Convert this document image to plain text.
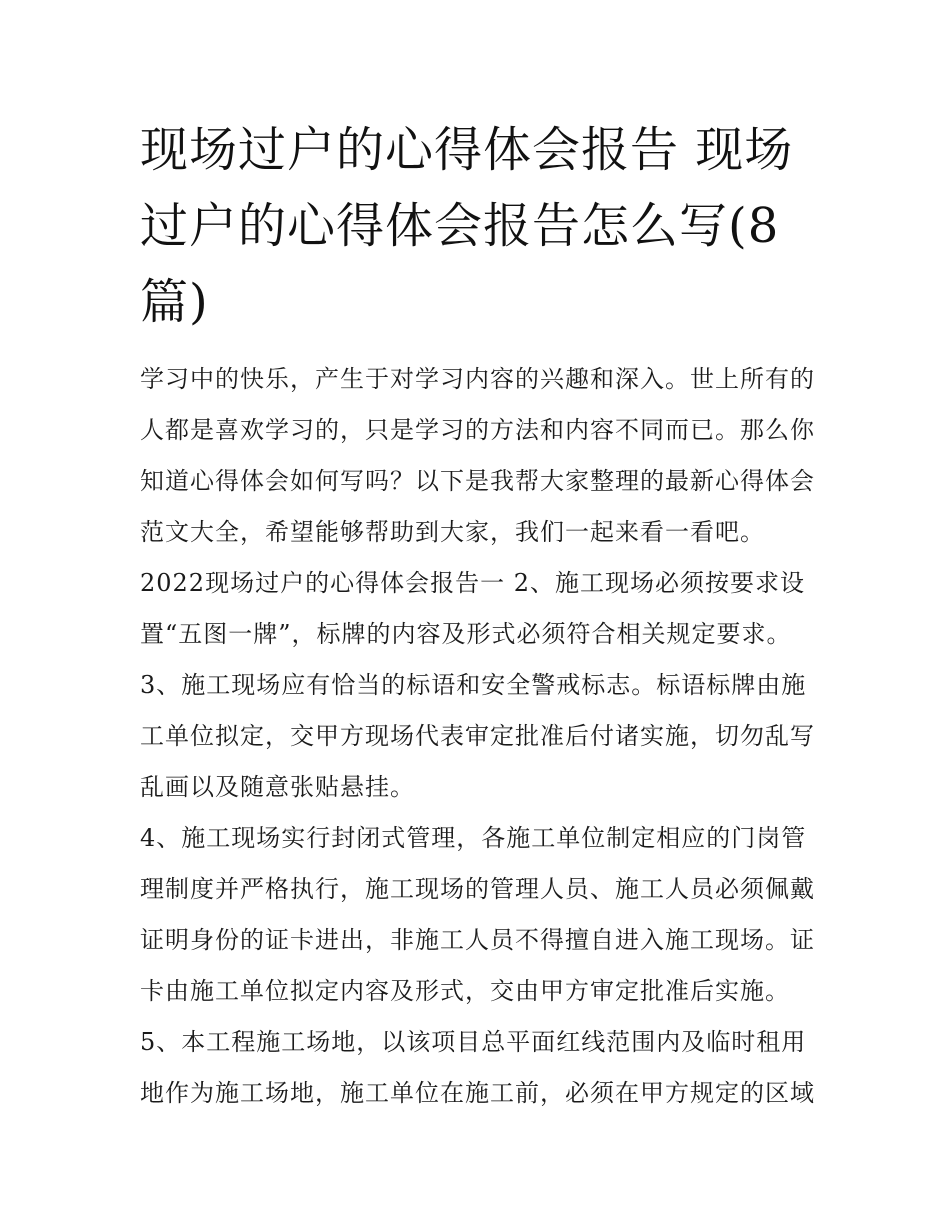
现场过户的心得体会报告 现场过户的心得体会报告怎么写(8篇)

学习中的快乐，产生于对学习内容的兴趣和深入。世上所有的人都是喜欢学习的，只是学习的方法和内容不同而已。那么你知道心得体会如何写吗？以下是我帮大家整理的最新心得体会范文大全，希望能够帮助到大家，我们一起来看一看吧。

2022现场过户的心得体会报告一 2、施工现场必须按要求设置“五图一牌”，标牌的内容及形式必须符合相关规定要求。

3、施工现场应有恰当的标语和安全警戒标志。标语标牌由施工单位拟定，交甲方现场代表审定批准后付诸实施，切勿乱写乱画以及随意张贴悬挂。

4、施工现场实行封闭式管理，各施工单位制定相应的门岗管理制度并严格执行，施工现场的管理人员、施工人员必须佩戴证明身份的证卡进出，非施工人员不得擅自进入施工现场。证卡由施工单位拟定内容及形式，交由甲方审定批准后实施。

5、本工程施工场地，以该项目总平面红线范围内及临时租用地作为施工场地，施工单位在施工前，必须在甲方规定的区域
